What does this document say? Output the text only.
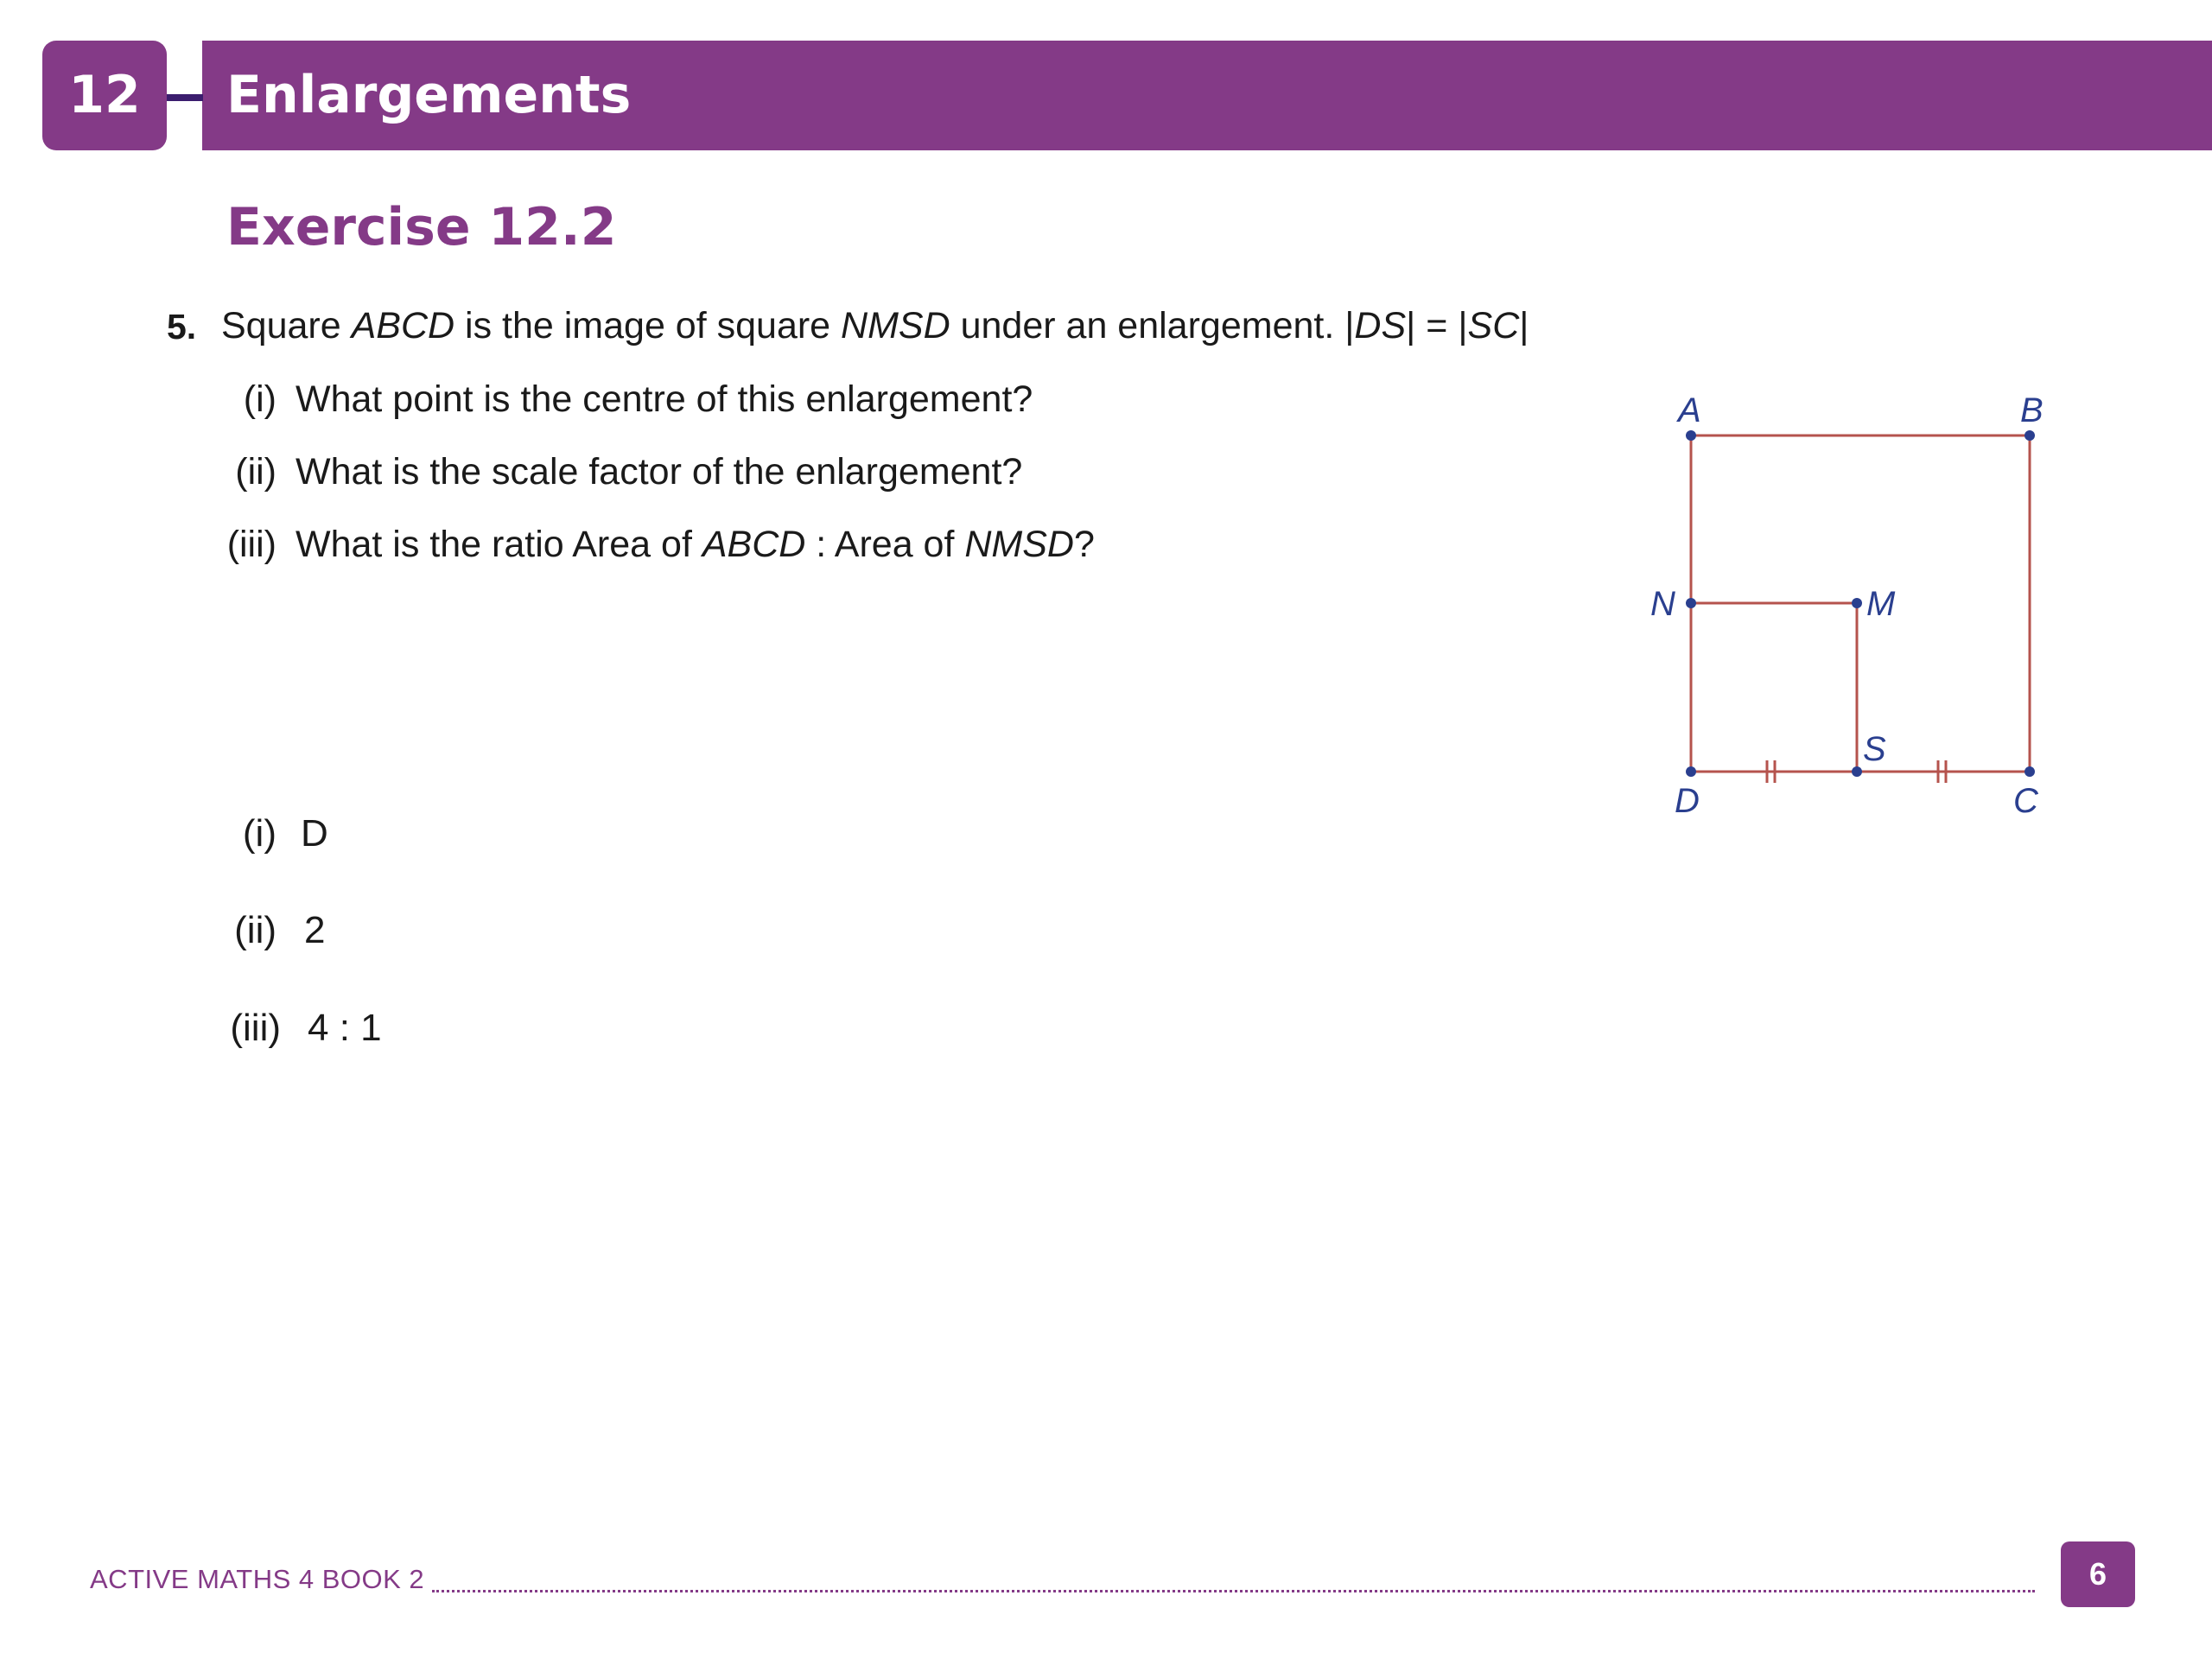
12	Enlargements
Exercise 12.2
5. Square ABCD is the image of square NMSD under an enlargement. |DS| = |SC|
(i) What point is the centre of this enlargement?
(ii) What is the scale factor of the enlargement?
(iii) What is the ratio Area of ABCD : Area of NMSD?
A	B
N	M
S
D	C
(i) D
(ii) 2
(iii) 4 : 1
ACTIVE MATHS 4 BOOK 2	6
